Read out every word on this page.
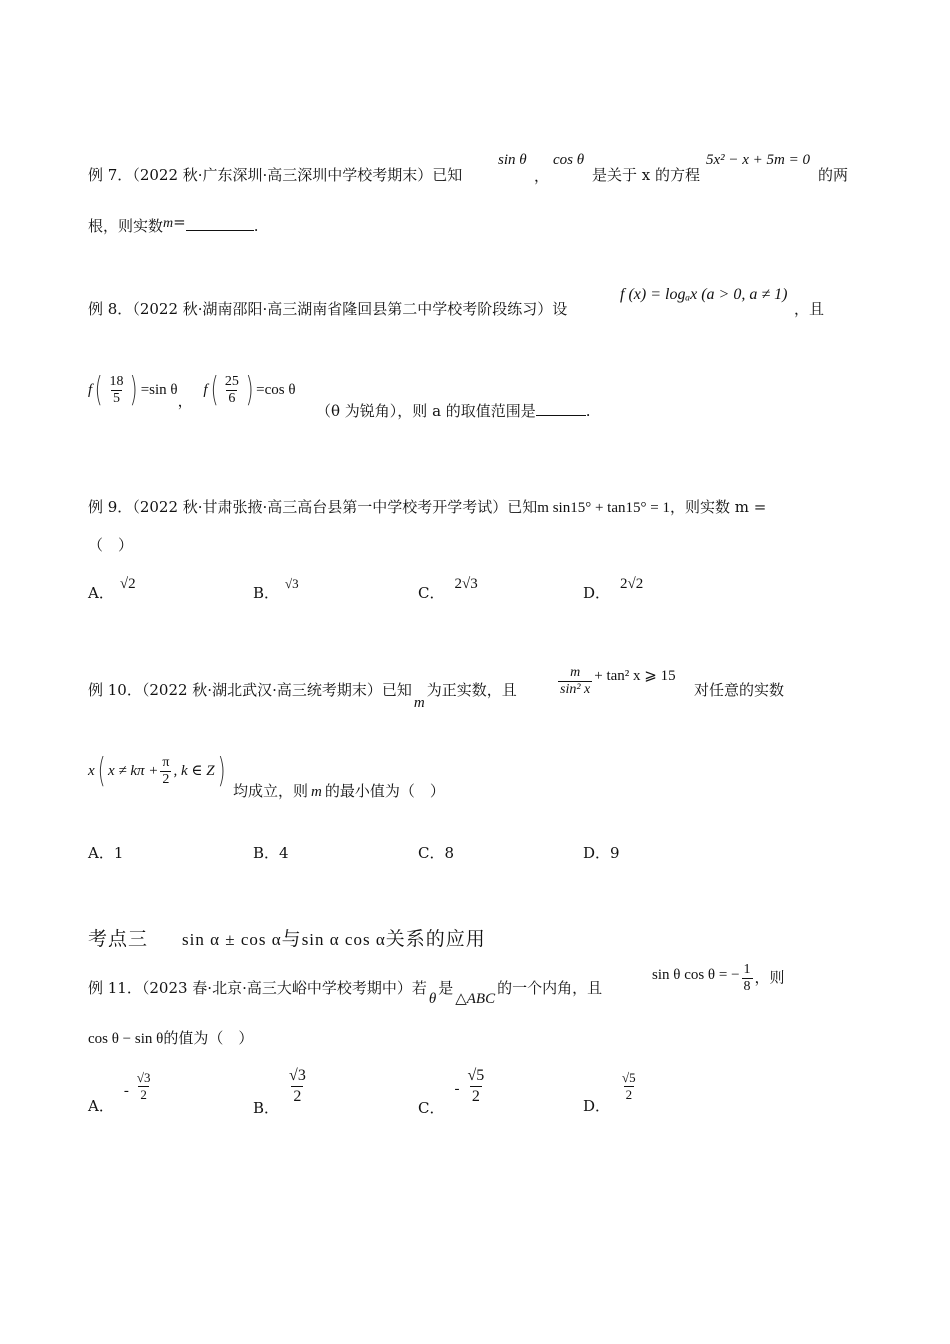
例 7．（2022 秋·广东深圳·高三深圳中学校考期末）已知
sin θ
，
cos θ
是关于 x 的方程
5x² − x + 5m = 0
的两
根，则实数m=	.
例 8．（2022 秋·湖南邵阳·高三湖南省隆回县第二中学校考阶段练习）设
f (x) = logₐx (a > 0, a ≠ 1)
，且
$f( \frac{18}{5}$ ) =sin θ， $f( \frac{25}{6}$ ) =cos θ
（θ 为锐角），则 a 的取值范围是	.
例 9．（2022 秋·甘肃张掖·高三高台县第一中学校考开学考试）已知m sin15° + tan15° = 1，则实数 m =
（　）
A． √2	B．√3
C． 2√3	D． 2√2
例 10．（2022 秋·湖北武汉·高三统考期末）已知m为正实数，且	$\frac{m}{\text{sin² x}} + \tan^2$ x ⩾ 15
对任意的实数
x( $x \ne k\pi + \frac{\pi}{2}$ , k ∈ Z) 均成立，则 m 的最小值为（　）
A．1	B．4	C．8	D．9
考点三 sin α ± cos α与sin α cos α关系的应用
例 11．（2023 春·北京·高三大峪中学校考期中）若θ是△ABC的一个内角，且
sin θ cos θ = − $\frac{1}{8}$ ，则
cos θ − sin θ的值为（　）
A．- $\frac{√3}{2}$
B．
$\frac{√3}{2}$
C．- $\frac{√5}{2}$	D．
$\frac{√5}{2}$
